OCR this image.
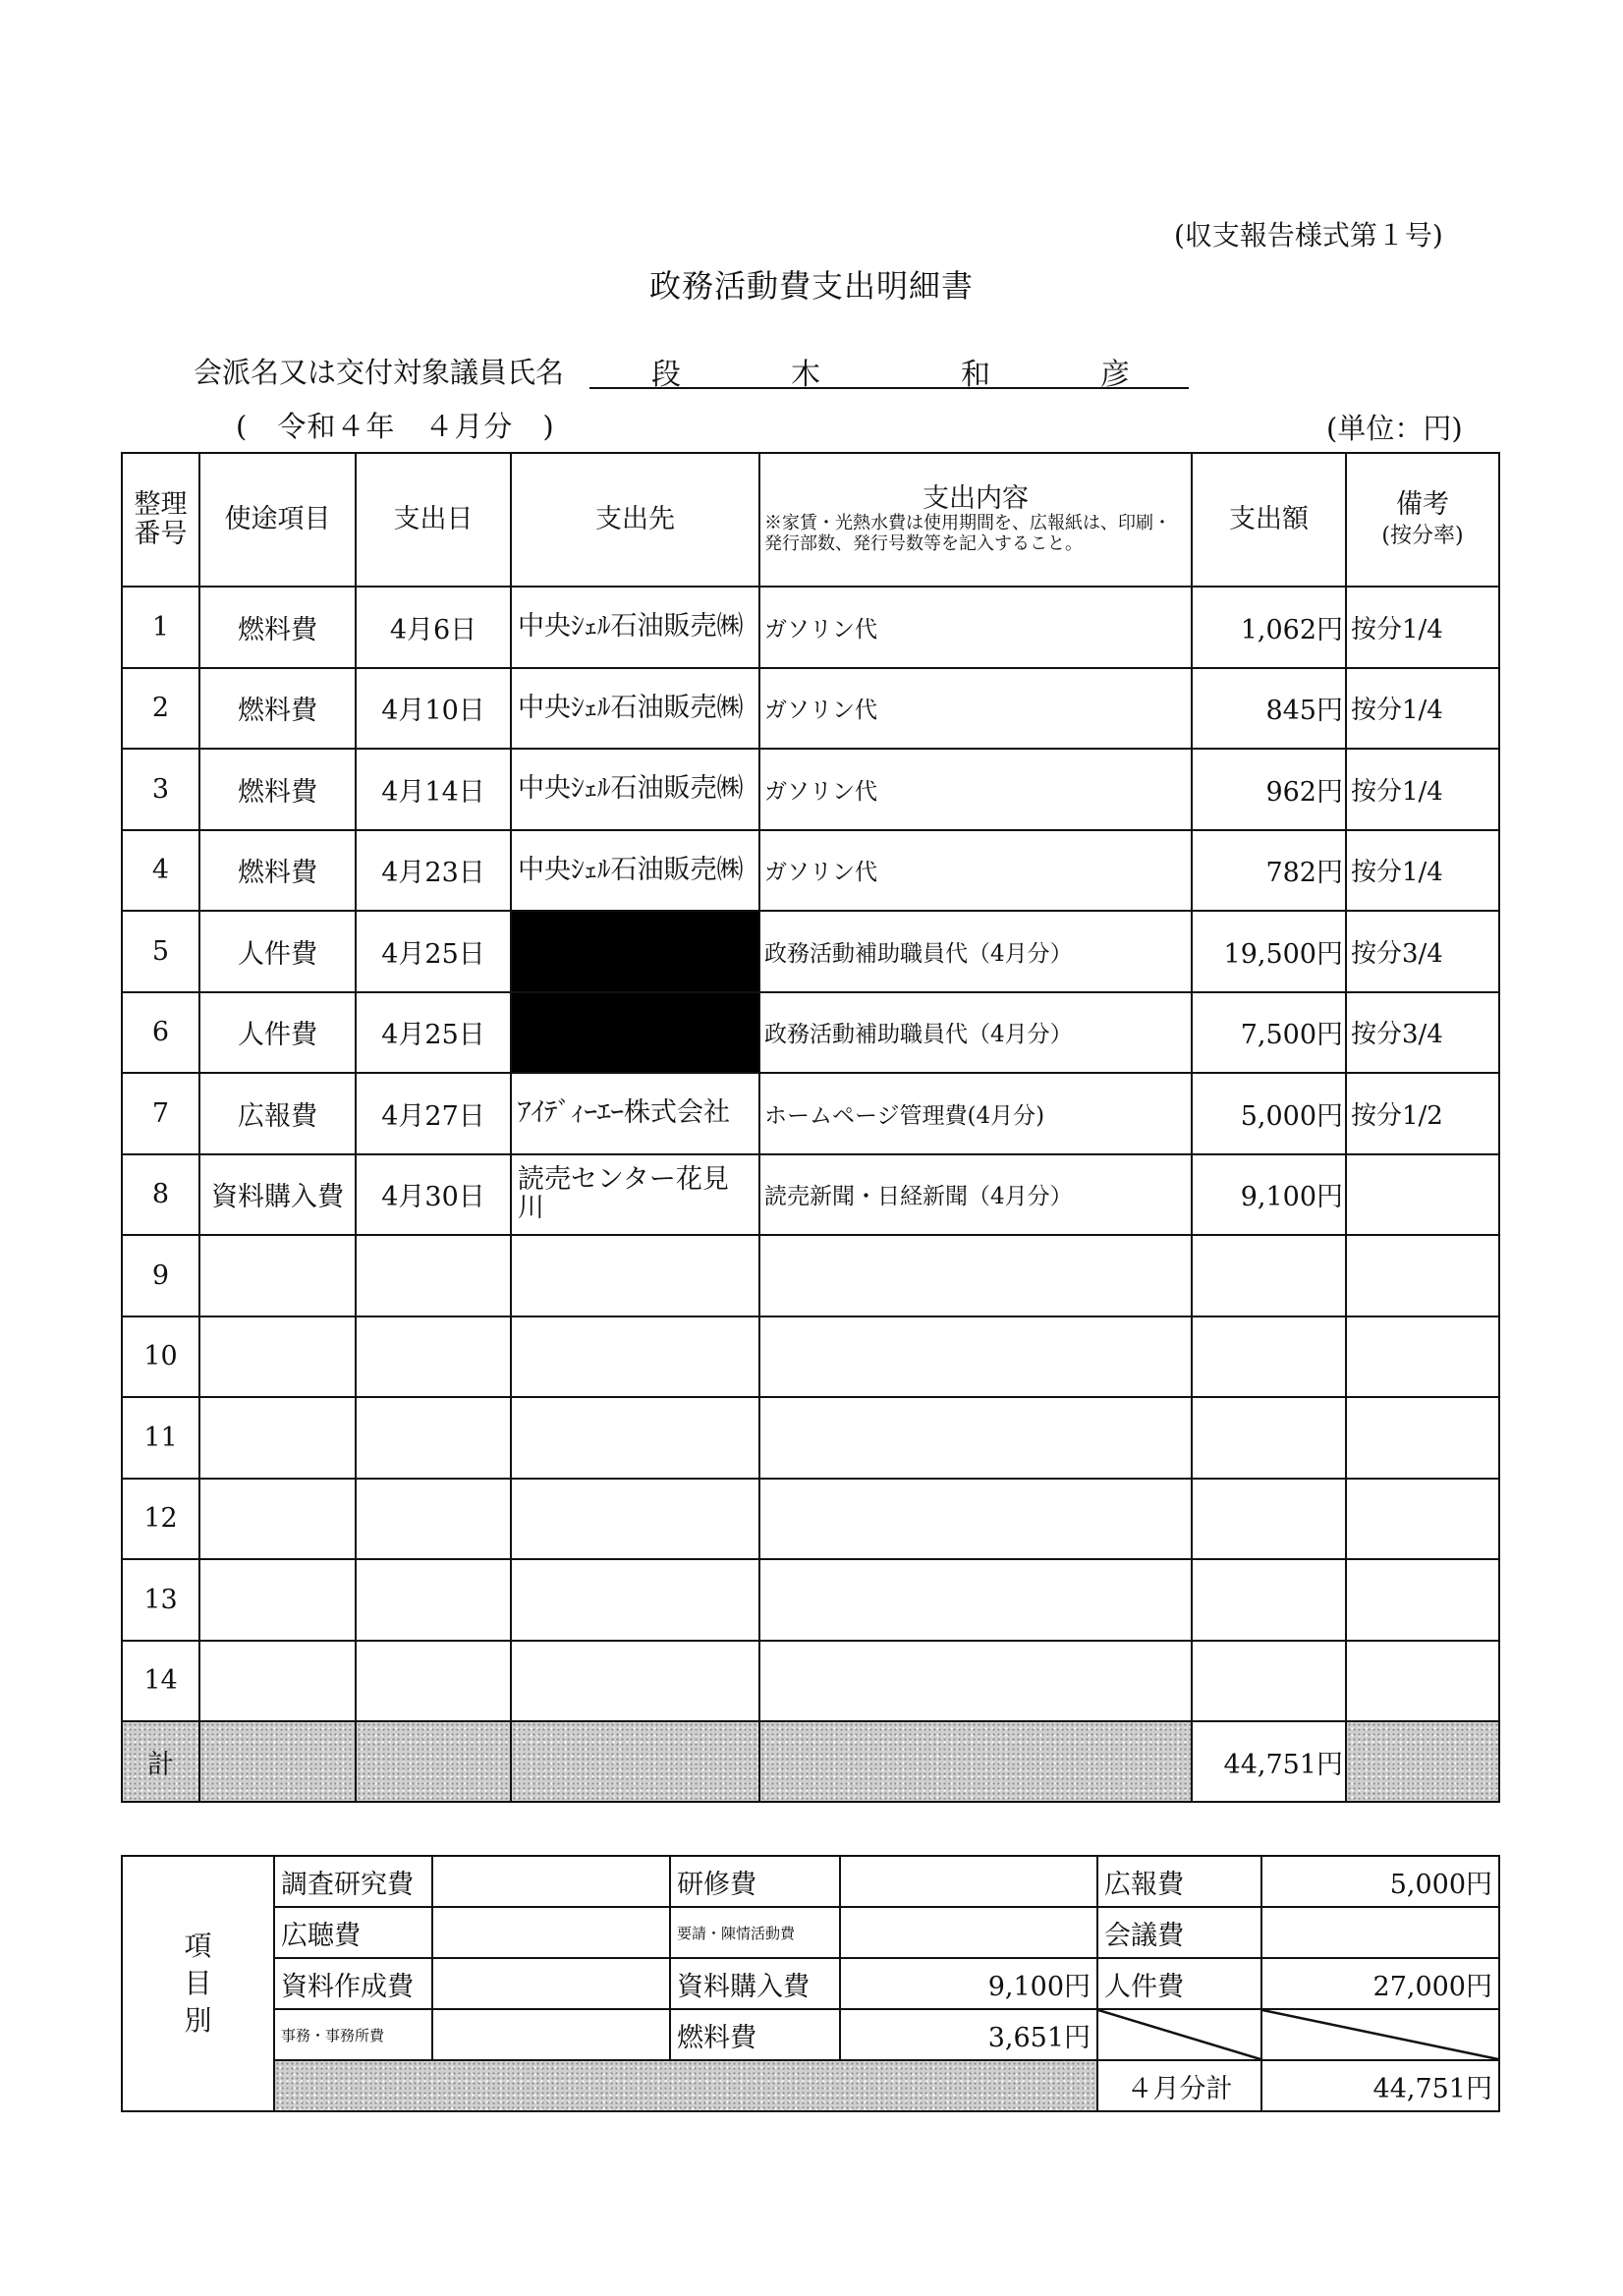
(収支報告様式第１号)
政務活動費支出明細書
会派名又は交付対象議員氏名	段	木	和	彦
(　令和４年　４月分　)	(単位：円)
整理
番号	使途項目	支出日	支出先	支出内容
※家賃・光熱水費は使用期間を、広報紙は、印刷・発行部数、発行号数等を記入すること。	支出額	備考
(按分率)
1	燃料費	4月6日	中央ｼｪﾙ石油販売㈱	ガソリン代	1,062円	按分1/4
2	燃料費	4月10日	中央ｼｪﾙ石油販売㈱	ガソリン代	845円	按分1/4
3	燃料費	4月14日	中央ｼｪﾙ石油販売㈱	ガソリン代	962円	按分1/4
4	燃料費	4月23日	中央ｼｪﾙ石油販売㈱	ガソリン代	782円	按分1/4
5	人件費	4月25日		政務活動補助職員代（4月分）	19,500円	按分3/4
6	人件費	4月25日		政務活動補助職員代（4月分）	7,500円	按分3/4
7	広報費	4月27日	ｱｲﾃﾞｨｰｴｰ株式会社	ホームページ管理費(4月分)	5,000円	按分1/2
8	資料購入費	4月30日	読売センター花見川	読売新聞・日経新聞（4月分）	9,100円	
9						
10						
11						
12						
13						
14						
計					44,751円	
項
目
別	調査研究費		研修費		広報費	5,000円
	広聴費		要請・陳情活動費		会議費	
	資料作成費		資料購入費	9,100円	人件費	27,000円
	事務・事務所費		燃料費	3,651円		
					４月分計	44,751円
